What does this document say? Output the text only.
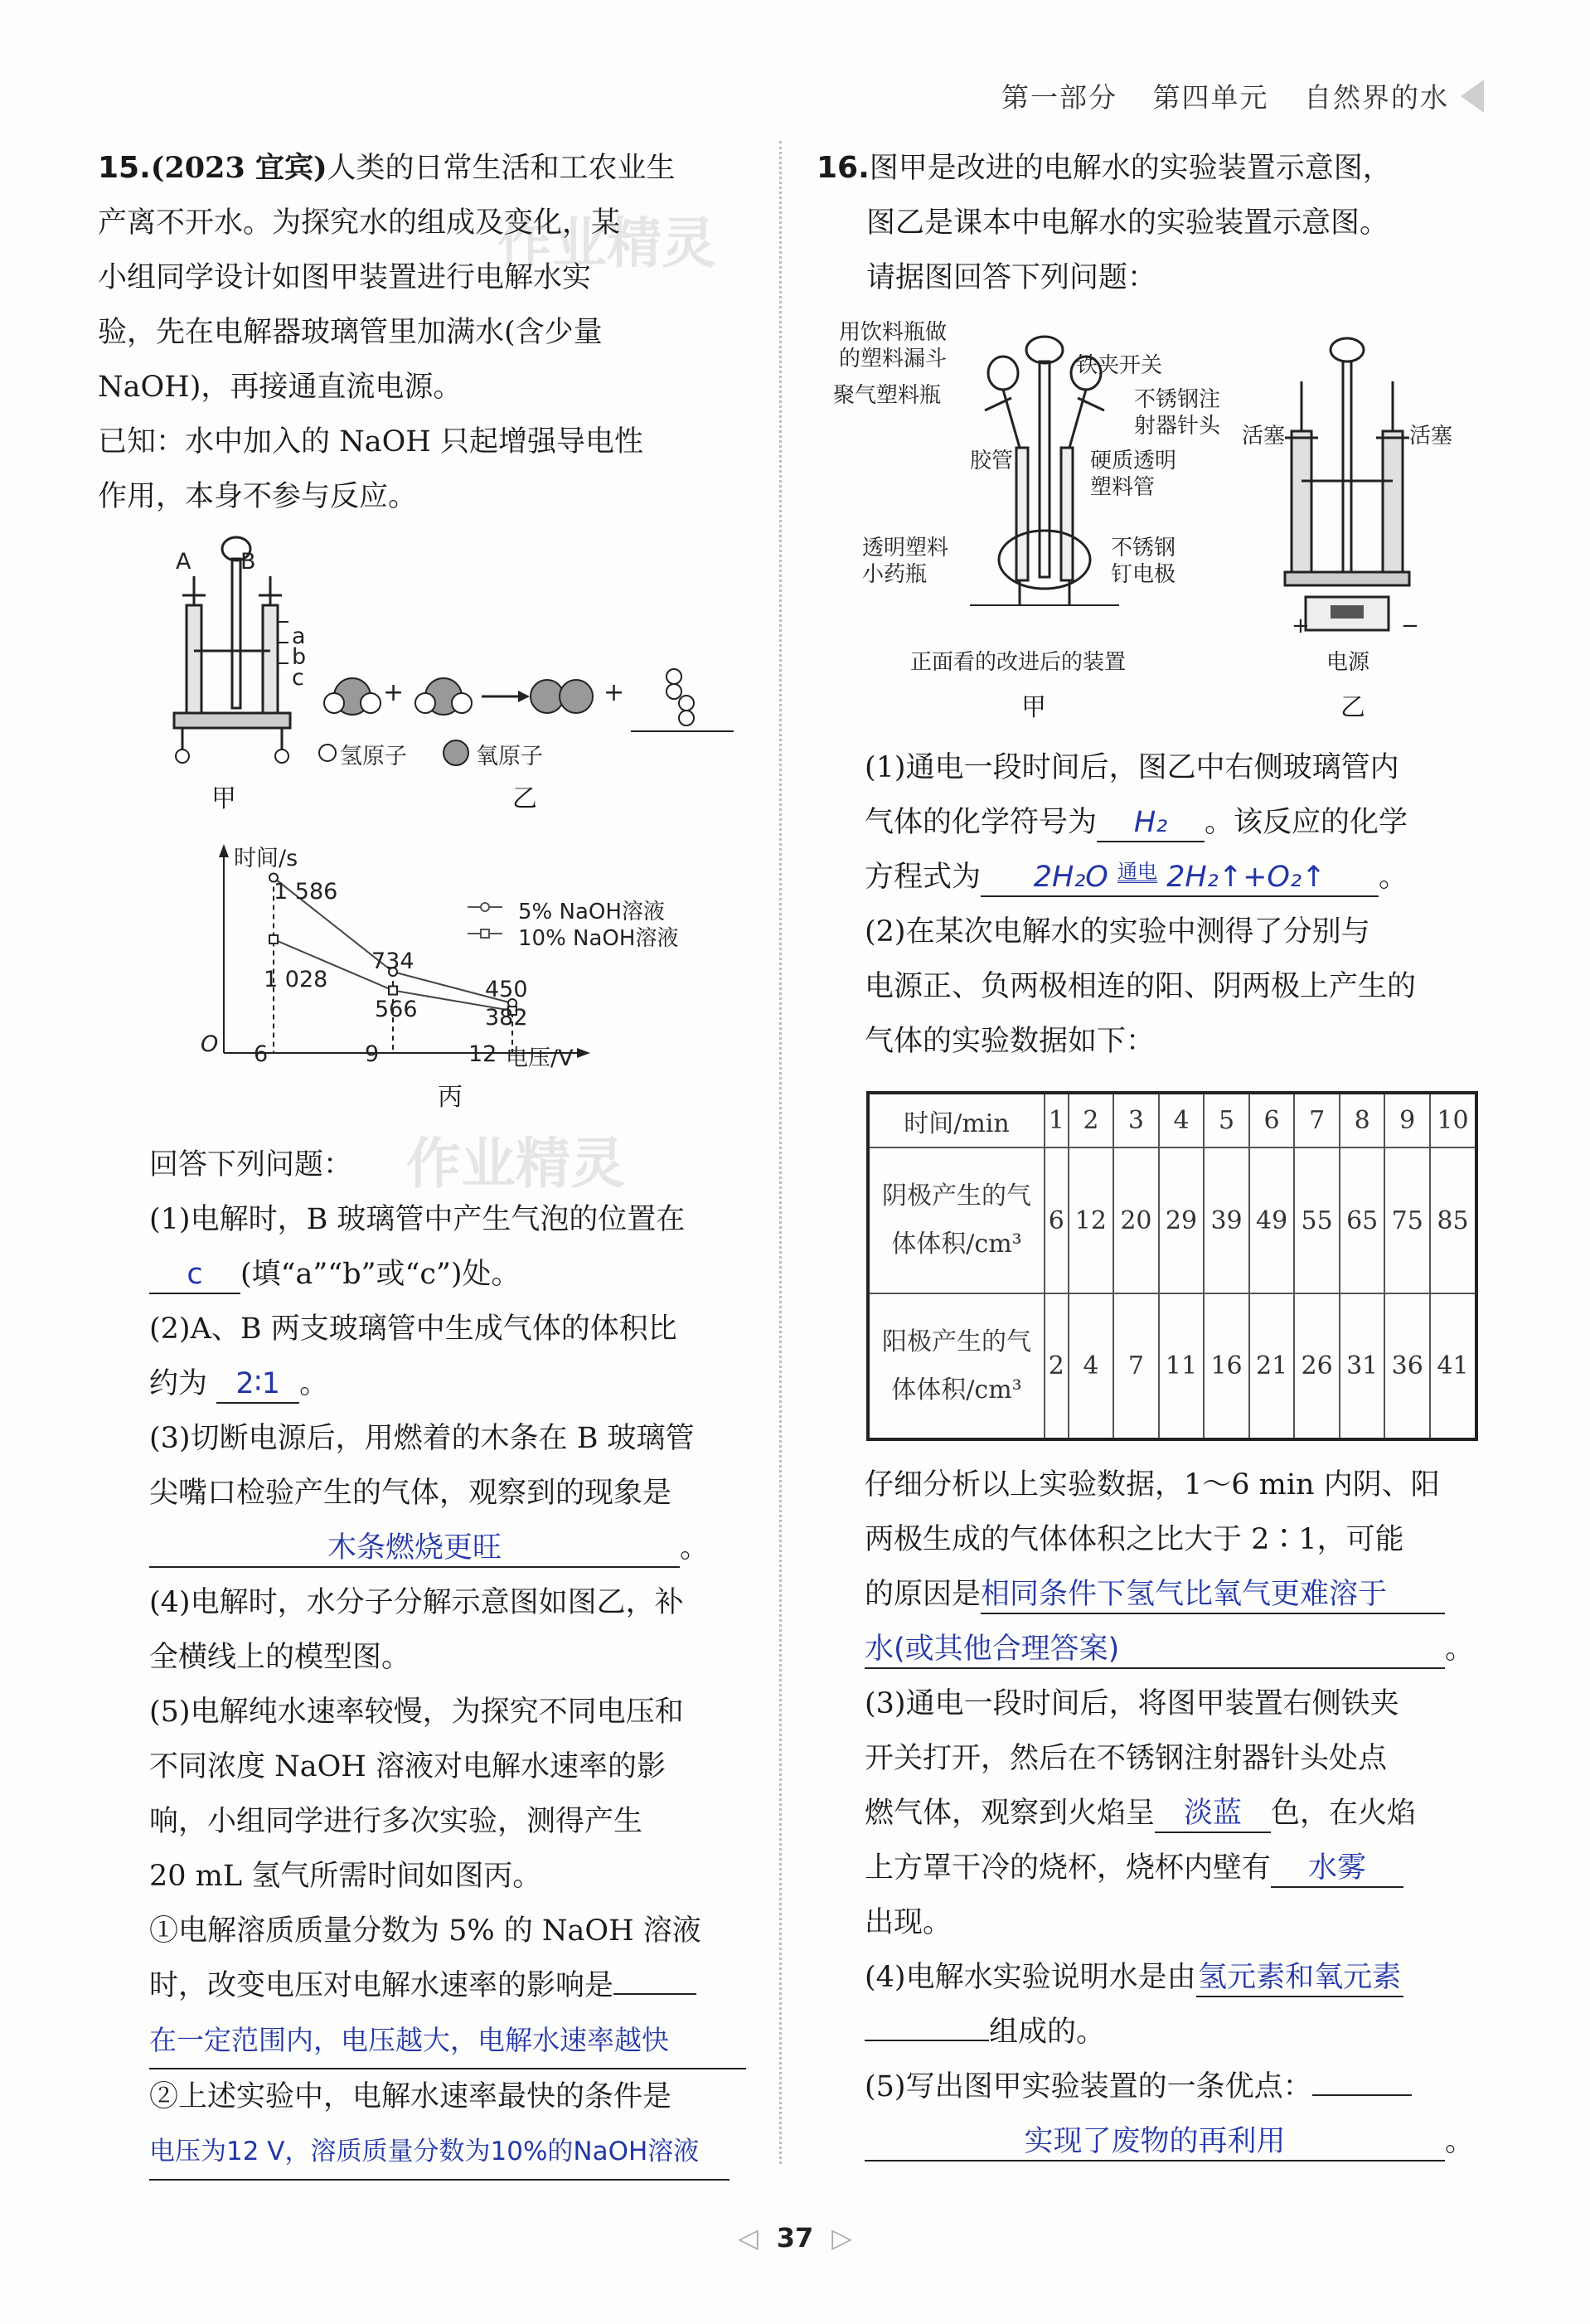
第一部分 第四单元 自然界的水
作业精灵
作业精灵

15.(2023 宜宾)人类的日常生活和工农业生

产离不开水。为探究水的组成及变化，某

小组同学设计如图甲装置进行电解水实

验，先在电解器玻璃管里加满水(含少量

NaOH)，再接通直流电源。

已知：水中加入的 NaOH 只起增强导电性

作用，本身不参与反应。

A B
a
b
c
甲
+	+
氢原子	氧原子
乙
时间/s
电压/V
O 6	9	12
1 586
734
450
1 028
566	382
5% NaOH溶液
10% NaOH溶液
丙

回答下列问题：

(1)电解时，B 玻璃管中产生气泡的位置在

c (填“a”“b”或“c”)处。

(2)A、B 两支玻璃管中生成气体的体积比

约为 2∶1 。

(3)切断电源后，用燃着的木条在 B 玻璃管

尖嘴口检验产生的气体，观察到的现象是

木条燃烧更旺	。

(4)电解时，水分子分解示意图如图乙，补

全横线上的模型图。

(5)电解纯水速率较慢，为探究不同电压和

不同浓度 NaOH 溶液对电解水速率的影

响，小组同学进行多次实验，测得产生

20 mL 氢气所需时间如图丙。

①电解溶质质量分数为 5% 的 NaOH 溶液

时，改变电压对电解水速率的影响是

在一定范围内，电压越大，电解水速率越快

②上述实验中，电解水速率最快的条件是

电压为12 V，溶质质量分数为10%的NaOH溶液

16.图甲是改进的电解水的实验装置示意图，

图乙是课本中电解水的实验装置示意图。

请据图回答下列问题：

用饮料瓶做
的塑料漏斗
聚气塑料瓶
铁夹开关
不锈钢注
射器针头
胶管	硬质透明
塑料管
透明塑料
小药瓶
不锈钢
钉电极
正面看的改进后的装置
甲
活塞	活塞
+	−
电源
乙

(1)通电一段时间后，图乙中右侧玻璃管内

气体的化学符号为 H₂ 。该反应的化学

方程式为 2H₂O 通电 2H₂↑+O₂↑ 。

(2)在某次电解水的实验中测得了分别与

电源正、负两极相连的阳、阴两极上产生的

气体的实验数据如下：

时间/min	1	2	3	4	5	6	7	8	9	10

阴极产生的气
体体积/cm³	6	12	20	29	39	49	55	65	75	85

阳极产生的气
体体积/cm³	2	4	7	11	16	21	26	31	36	41

仔细分析以上实验数据，1～6 min 内阴、阳

两极生成的气体体积之比大于 2∶1，可能

的原因是相同条件下氢气比氧气更难溶于

水(或其他合理答案)	。

(3)通电一段时间后，将图甲装置右侧铁夹

开关打开，然后在不锈钢注射器针头处点

燃气体，观察到火焰呈 淡蓝 色，在火焰

上方罩干冷的烧杯，烧杯内壁有 水雾

出现。

(4)电解水实验说明水是由氢元素和氧元素

组成的。

(5)写出图甲实验装置的一条优点：

实现了废物的再利用	。

◁ 37 ▷
